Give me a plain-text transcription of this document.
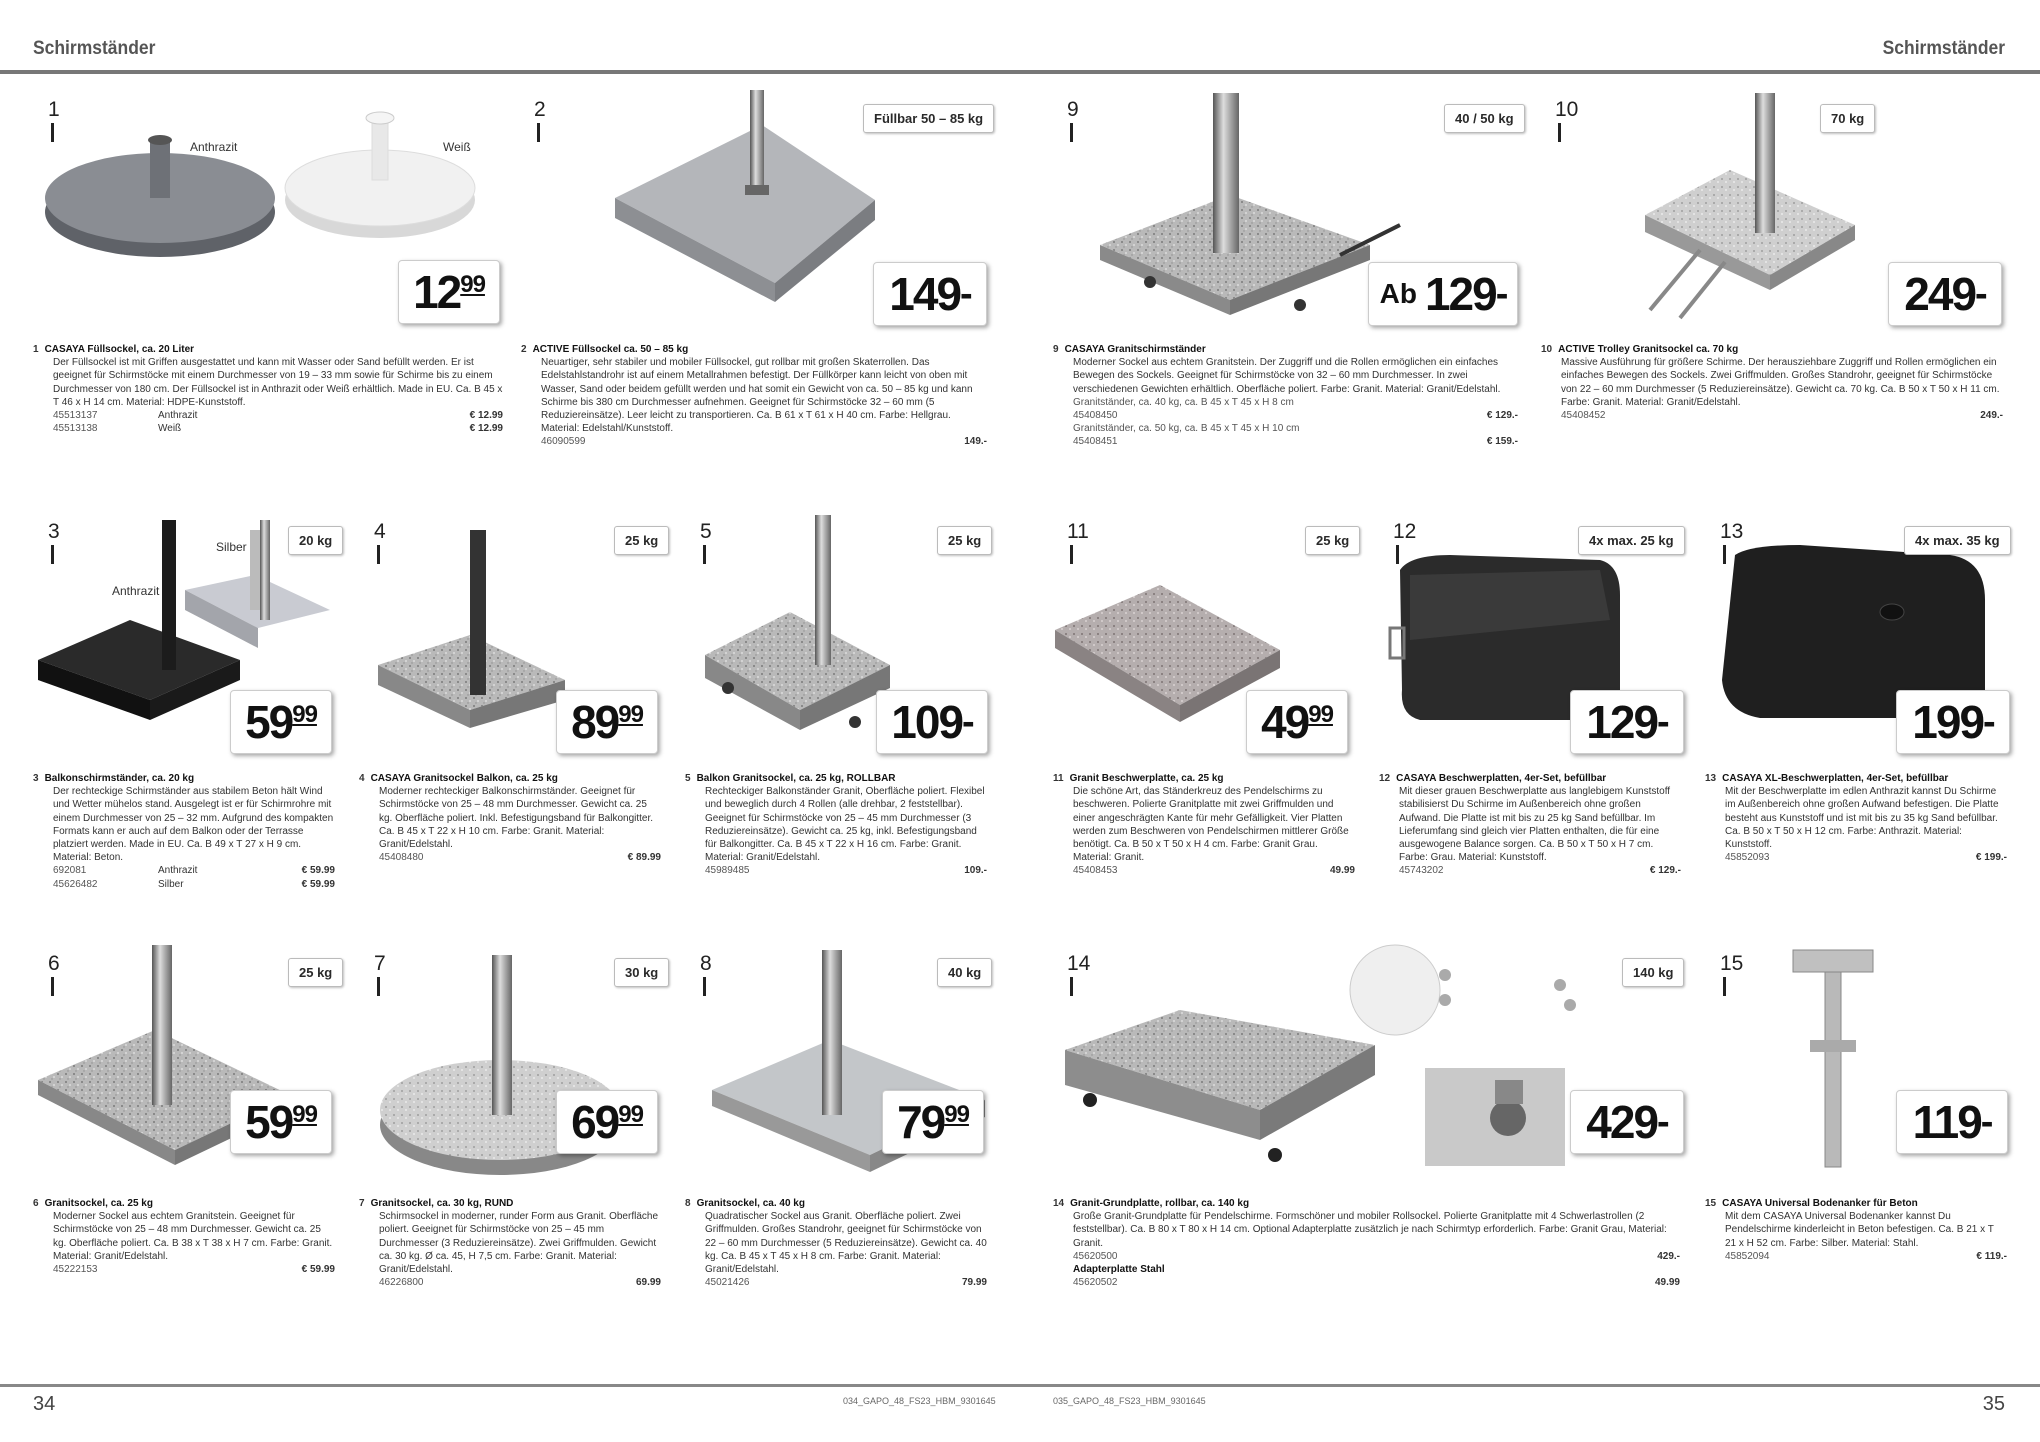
Schirmständer	Schirmständer
1
Anthrazit	Weiß
12 99
1 CASAYA Füllsockel, ca. 20 Liter
Der Füllsockel ist mit Griffen ausgestattet und kann mit Wasser oder Sand befüllt werden. Er ist geeignet für Schirmstöcke mit einem Durchmesser von 19 – 33 mm sowie für Schirme bis zu einem Durchmesser von 180 cm. Der Füllsockel ist in Anthrazit oder Weiß erhältlich. Made in EU. Ca. B 45 x T 46 x H 14 cm. Material: HDPE-Kunststoff.
45513137	Anthrazit	€ 12.99
45513138	Weiß	€ 12.99
2	Füllbar 50 – 85 kg
149 -
2 ACTIVE Füllsockel ca. 50 – 85 kg
Neuartiger, sehr stabiler und mobiler Füllsockel, gut rollbar mit großen Skaterrollen. Das Edelstahlstandrohr ist auf einem Metallrahmen befestigt. Der Füllkörper kann leicht von oben mit Wasser, Sand oder beidem gefüllt werden und hat somit ein Gewicht von ca. 50 – 85 kg und kann Schirme bis 380 cm Durchmesser aufnehmen. Geeignet für Schirmstöcke 32 – 60 mm (5 Reduziereinsätze). Leer leicht zu transportieren. Ca. B 61 x T 61 x H 40 cm. Farbe: Hellgrau. Material: Edelstahl/Kunststoff.
46090599	149.-
9	40 / 50 kg
Ab 129 -
9 CASAYA Granitschirmständer
Moderner Sockel aus echtem Granitstein. Der Zuggriff und die Rollen ermöglichen ein einfaches Bewegen des Sockels. Geeignet für Schirmstöcke von 32 – 60 mm Durchmesser. In zwei verschiedenen Gewichten erhältlich. Oberfläche poliert. Farbe: Granit. Material: Granit/Edelstahl.
Granitständer, ca. 40 kg, ca. B 45 x T 45 x H 8 cm
45408450	€ 129.-
Granitständer, ca. 50 kg, ca. B 45 x T 45 x H 10 cm
45408451	€ 159.-
10	70 kg
249 -
10 ACTIVE Trolley Granitsockel ca. 70 kg
Massive Ausführung für größere Schirme. Der herausziehbare Zuggriff und Rollen ermöglichen ein einfaches Bewegen des Sockels. Zwei Griffmulden. Großes Standrohr, geeignet für Schirmstöcke von 22 – 60 mm Durchmesser (5 Reduziereinsätze). Gewicht ca. 70 kg. Ca. B 50 x T 50 x H 11 cm. Farbe: Granit. Material: Granit/Edelstahl.
45408452	249.-
3	20 kg
Silber
Anthrazit
59 99
3 Balkonschirmständer, ca. 20 kg
Der rechteckige Schirmständer aus stabilem Beton hält Wind und Wetter mühelos stand. Ausgelegt ist er für Schirmrohre mit einem Durchmesser von 25 – 32 mm. Aufgrund des kompakten Formats kann er auch auf dem Balkon oder der Terrasse platziert werden. Made in EU. Ca. B 49 x T 27 x H 9 cm. Material: Beton.
692081	Anthrazit	€ 59.99
45626482	Silber	€ 59.99
4	25 kg
89 99
4 CASAYA Granitsockel Balkon, ca. 25 kg
Moderner rechteckiger Balkonschirmständer. Geeignet für Schirmstöcke von 25 – 48 mm Durchmesser. Gewicht ca. 25 kg. Oberfläche poliert. Inkl. Befestigungsband für Balkongitter. Ca. B 45 x T 22 x H 10 cm. Farbe: Granit. Material: Granit/Edelstahl.
45408480	€ 89.99
5	25 kg
109 -
5 Balkon Granitsockel, ca. 25 kg, ROLLBAR
Rechteckiger Balkonständer Granit, Oberfläche poliert. Flexibel und beweglich durch 4 Rollen (alle drehbar, 2 feststellbar). Geeignet für Schirmstöcke von 25 – 45 mm Durchmesser (3 Reduziereinsätze). Gewicht ca. 25 kg, inkl. Befestigungsband für Balkongitter. Ca. B 45 x T 22 x H 16 cm. Farbe: Granit. Material: Granit/Edelstahl.
45989485	109.-
11	25 kg
49 99
11 Granit Beschwerplatte, ca. 25 kg
Die schöne Art, das Ständerkreuz des Pendelschirms zu beschweren. Polierte Granitplatte mit zwei Griffmulden und einer angeschrägten Kante für mehr Gefälligkeit. Vier Platten werden zum Beschweren von Pendelschirmen mittlerer Größe benötigt. Ca. B 50 x T 50 x H 4 cm. Farbe: Granit Grau. Material: Granit.
45408453	49.99
12	4x max. 25 kg
129 -
12 CASAYA Beschwerplatten, 4er-Set, befüllbar
Mit dieser grauen Beschwerplatte aus langlebigem Kunststoff stabilisierst Du Schirme im Außenbereich ohne großen Aufwand. Die Platte ist mit bis zu 25 kg Sand befüllbar. Im Lieferumfang sind gleich vier Platten enthalten, die für eine ausgewogene Balance sorgen. Ca. B 50 x T 50 x H 7 cm. Farbe: Grau. Material: Kunststoff.
45743202	€ 129.-
13	4x max. 35 kg
199 -
13 CASAYA XL-Beschwerplatten, 4er-Set, befüllbar
Mit der Beschwerplatte im edlen Anthrazit kannst Du Schirme im Außenbereich ohne großen Aufwand befestigen. Die Platte besteht aus Kunststoff und ist mit bis zu 35 kg Sand befüllbar. Ca. B 50 x T 50 x H 12 cm. Farbe: Anthrazit. Material: Kunststoff.
45852093	€ 199.-
6	25 kg
59 99
6 Granitsockel, ca. 25 kg
Moderner Sockel aus echtem Granitstein. Geeignet für Schirmstöcke von 25 – 48 mm Durchmesser. Gewicht ca. 25 kg. Oberfläche poliert. Ca. B 38 x T 38 x H 7 cm. Farbe: Granit. Material: Granit/Edelstahl.
45222153	€ 59.99
7	30 kg
69 99
7 Granitsockel, ca. 30 kg, RUND
Schirmsockel in moderner, runder Form aus Granit. Oberfläche poliert. Geeignet für Schirmstöcke von 25 – 45 mm Durchmesser (3 Reduziereinsätze). Zwei Griffmulden. Gewicht ca. 30 kg. Ø ca. 45, H 7,5 cm. Farbe: Granit. Material: Granit/Edelstahl.
46226800	69.99
8	40 kg
79 99
8 Granitsockel, ca. 40 kg
Quadratischer Sockel aus Granit. Oberfläche poliert. Zwei Griffmulden. Großes Standrohr, geeignet für Schirmstöcke von 22 – 60 mm Durchmesser (5 Reduziereinsätze). Gewicht ca. 40 kg. Ca. B 45 x T 45 x H 8 cm. Farbe: Granit. Material: Granit/Edelstahl.
45021426	79.99
14	140 kg
429 -
14 Granit-Grundplatte, rollbar, ca. 140 kg
Große Granit-Grundplatte für Pendelschirme. Formschöner und mobiler Rollsockel. Polierte Granitplatte mit 4 Schwerlastrollen (2 feststellbar). Ca. B 80 x T 80 x H 14 cm. Optional Adapterplatte zusätzlich je nach Schirmtyp erforderlich. Farbe: Granit Grau, Material: Granit.
45620500	429.-
Adapterplatte Stahl
45620502	49.99
15
119 -
15 CASAYA Universal Bodenanker für Beton
Mit dem CASAYA Universal Bodenanker kannst Du Pendelschirme kinderleicht in Beton befestigen. Ca. B 21 x T 21 x H 52 cm. Farbe: Silber. Material: Stahl.
45852094	€ 119.-
34	35
034_GAPO_48_FS23_HBM_9301645	035_GAPO_48_FS23_HBM_9301645
